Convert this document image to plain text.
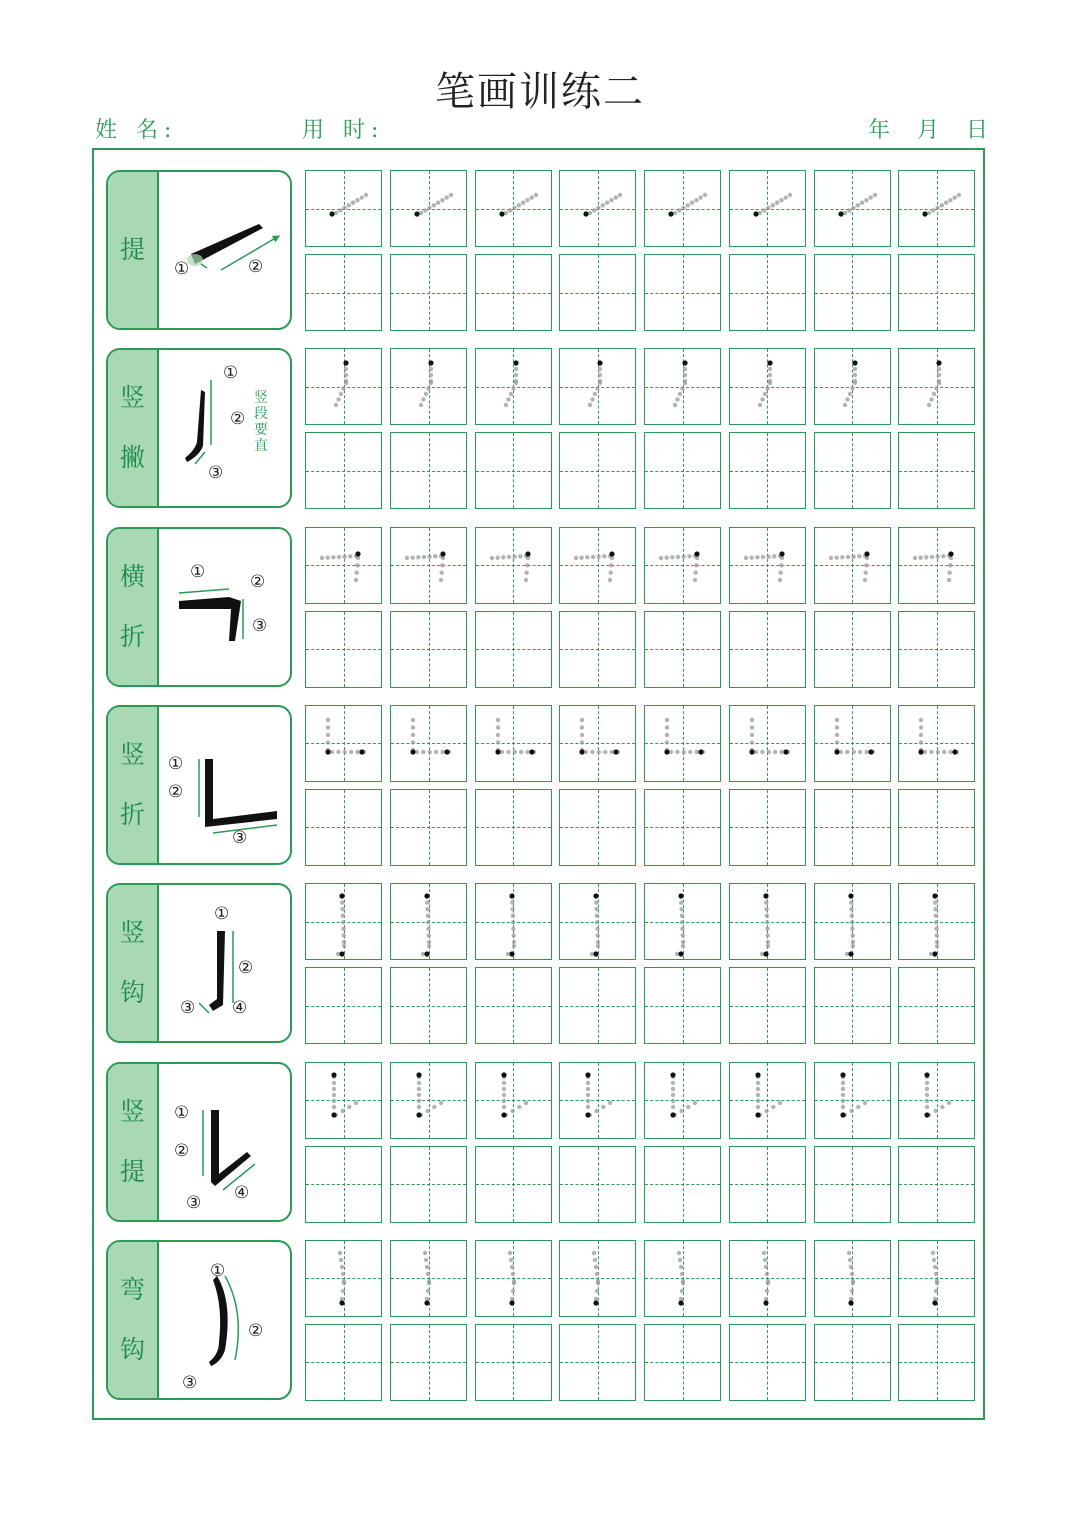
笔画训练二
姓 名:	用 时:	年 月 日
提
①	②
竖
撇
①
②
③
竖段要直
横
折
①	②
③
竖
折
①
②
③
竖
钩
①
②
③ ④
竖
提
①
②
③ ④
弯
钩
①
②
③
